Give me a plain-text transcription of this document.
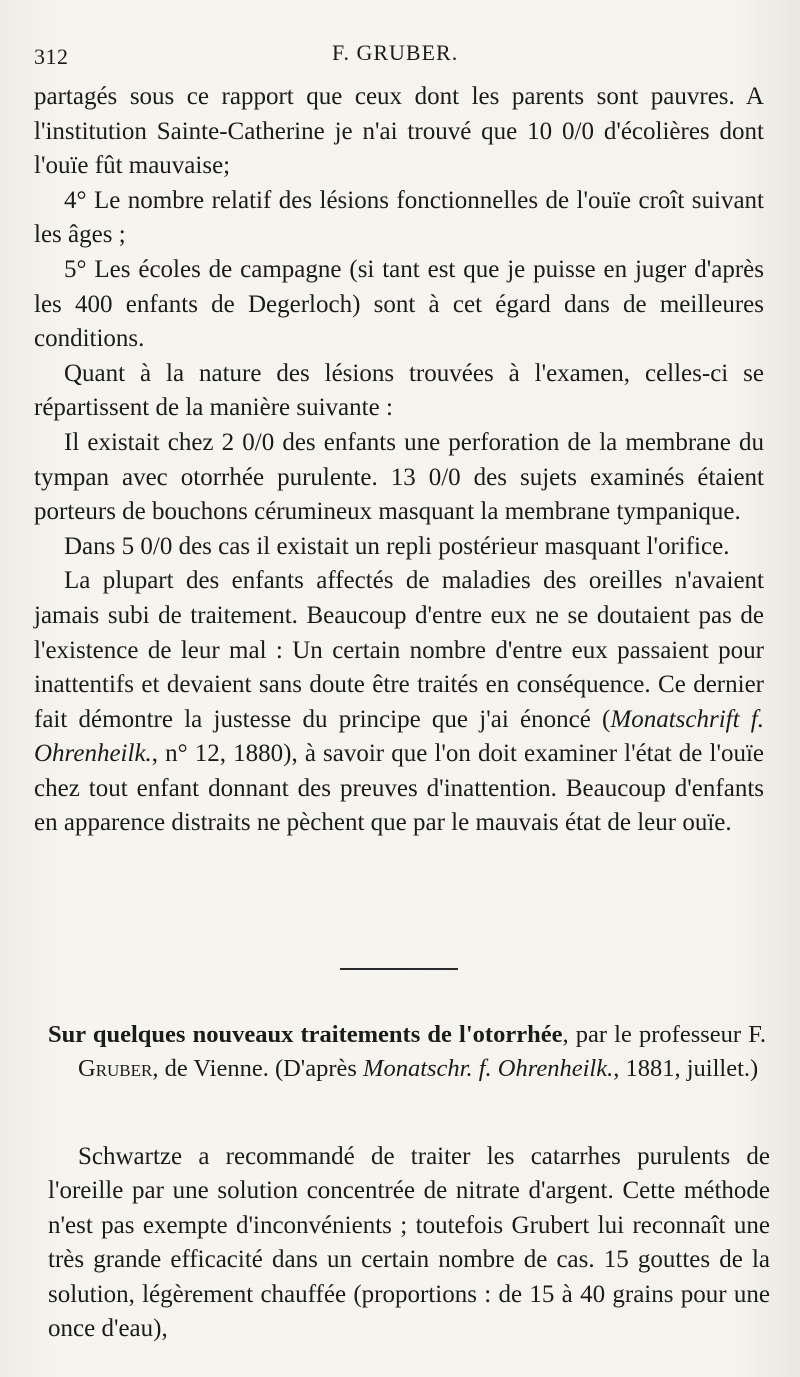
312	F. GRUBER.

partagés sous ce rapport que ceux dont les parents sont pauvres. A l'institution Sainte-Catherine je n'ai trouvé que 10 0/0 d'écolières dont l'ouïe fût mauvaise;

4° Le nombre relatif des lésions fonctionnelles de l'ouïe croît suivant les âges ;

5° Les écoles de campagne (si tant est que je puisse en juger d'après les 400 enfants de Degerloch) sont à cet égard dans de meilleures conditions.

Quant à la nature des lésions trouvées à l'examen, celles-ci se répartissent de la manière suivante :

Il existait chez 2 0/0 des enfants une perforation de la membrane du tympan avec otorrhée purulente. 13 0/0 des sujets examinés étaient porteurs de bouchons cérumineux masquant la membrane tympanique.

Dans 5 0/0 des cas il existait un repli postérieur masquant l'orifice.

La plupart des enfants affectés de maladies des oreilles n'avaient jamais subi de traitement. Beaucoup d'entre eux ne se doutaient pas de l'existence de leur mal : Un certain nombre d'entre eux passaient pour inattentifs et devaient sans doute être traités en conséquence. Ce dernier fait démontre la justesse du principe que j'ai énoncé (Monatschrift f. Ohrenheilk., n° 12, 1880), à savoir que l'on doit examiner l'état de l'ouïe chez tout enfant donnant des preuves d'inattention. Beaucoup d'enfants en apparence distraits ne pèchent que par le mauvais état de leur ouïe.

Sur quelques nouveaux traitements de l'otorrhée, par le professeur F. Gruber, de Vienne. (D'après Monatschr. f. Ohrenheilk., 1881, juillet.)

Schwartze a recommandé de traiter les catarrhes purulents de l'oreille par une solution concentrée de nitrate d'argent. Cette méthode n'est pas exempte d'inconvénients ; toutefois Grubert lui reconnaît une très grande efficacité dans un certain nombre de cas. 15 gouttes de la solution, légèrement chauffée (proportions : de 15 à 40 grains pour une once d'eau),
